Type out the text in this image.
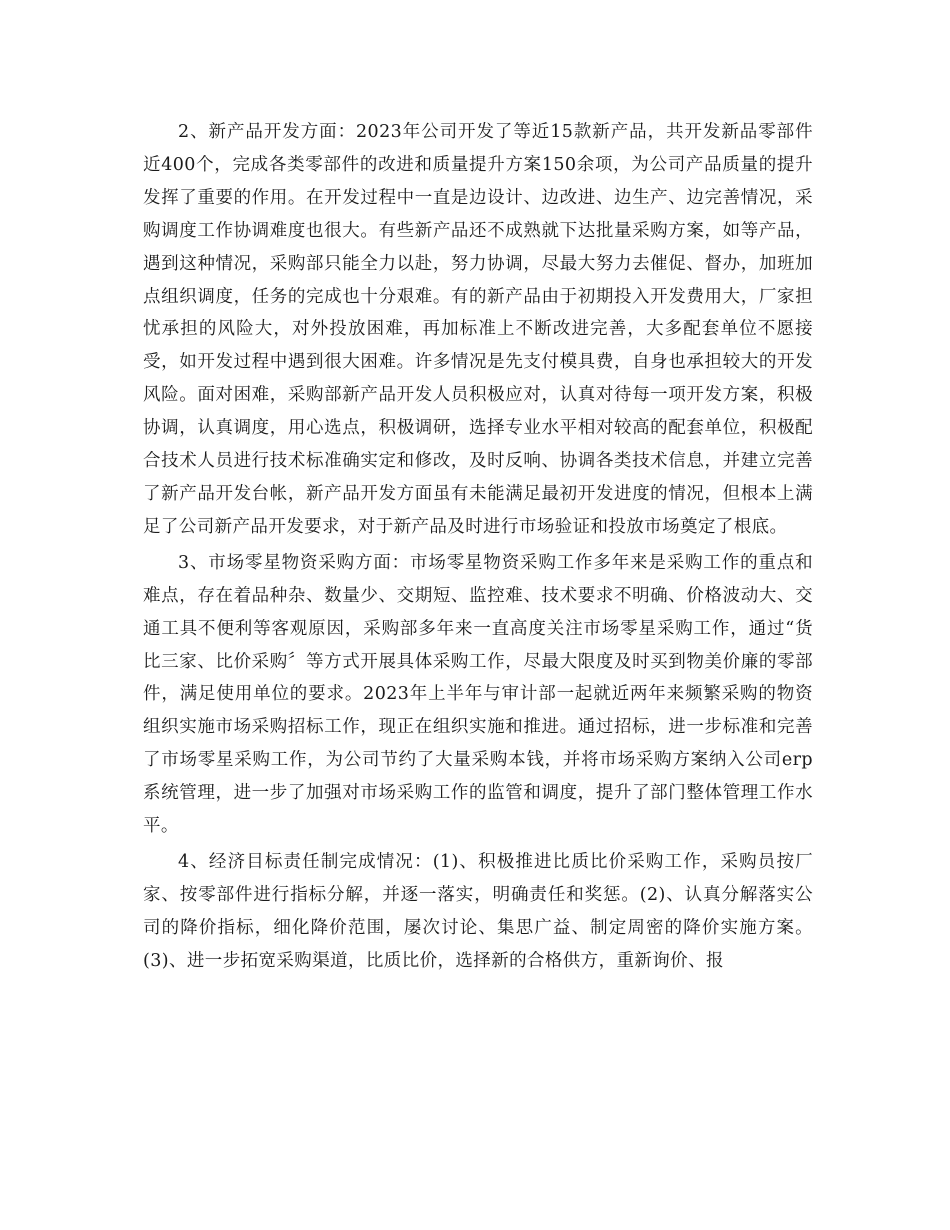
2、新产品开发方面：2023年公司开发了等近15款新产品，共开发新品零部件近400个，完成各类零部件的改进和质量提升方案150余项，为公司产品质量的提升发挥了重要的作用。在开发过程中一直是边设计、边改进、边生产、边完善情况，采购调度工作协调难度也很大。有些新产品还不成熟就下达批量采购方案，如等产品，遇到这种情况，采购部只能全力以赴，努力协调，尽最大努力去催促、督办，加班加点组织调度，任务的完成也十分艰难。有的新产品由于初期投入开发费用大，厂家担忧承担的风险大，对外投放困难，再加标准上不断改进完善，大多配套单位不愿接受，如开发过程中遇到很大困难。许多情况是先支付模具费，自身也承担较大的开发风险。面对困难，采购部新产品开发人员积极应对，认真对待每一项开发方案，积极协调，认真调度，用心选点，积极调研，选择专业水平相对较高的配套单位，积极配合技术人员进行技术标准确实定和修改，及时反响、协调各类技术信息，并建立完善了新产品开发台帐，新产品开发方面虽有未能满足最初开发进度的情况，但根本上满足了公司新产品开发要求，对于新产品及时进行市场验证和投放市场奠定了根底。

3、市场零星物资采购方面：市场零星物资采购工作多年来是采购工作的重点和难点，存在着品种杂、数量少、交期短、监控难、技术要求不明确、价格波动大、交通工具不便利等客观原因，采购部多年来一直高度关注市场零星采购工作，通过“货比三家、比价采购〞等方式开展具体采购工作，尽最大限度及时买到物美价廉的零部件，满足使用单位的要求。2023年上半年与审计部一起就近两年来频繁采购的物资组织实施市场采购招标工作，现正在组织实施和推进。通过招标，进一步标准和完善了市场零星采购工作，为公司节约了大量采购本钱，并将市场采购方案纳入公司erp系统管理，进一步了加强对市场采购工作的监管和调度，提升了部门整体管理工作水平。

4、经济目标责任制完成情况：(1)、积极推进比质比价采购工作，采购员按厂家、按零部件进行指标分解，并逐一落实，明确责任和奖惩。(2)、认真分解落实公司的降价指标，细化降价范围，屡次讨论、集思广益、制定周密的降价实施方案。(3)、进一步拓宽采购渠道，比质比价，选择新的合格供方，重新询价、报
